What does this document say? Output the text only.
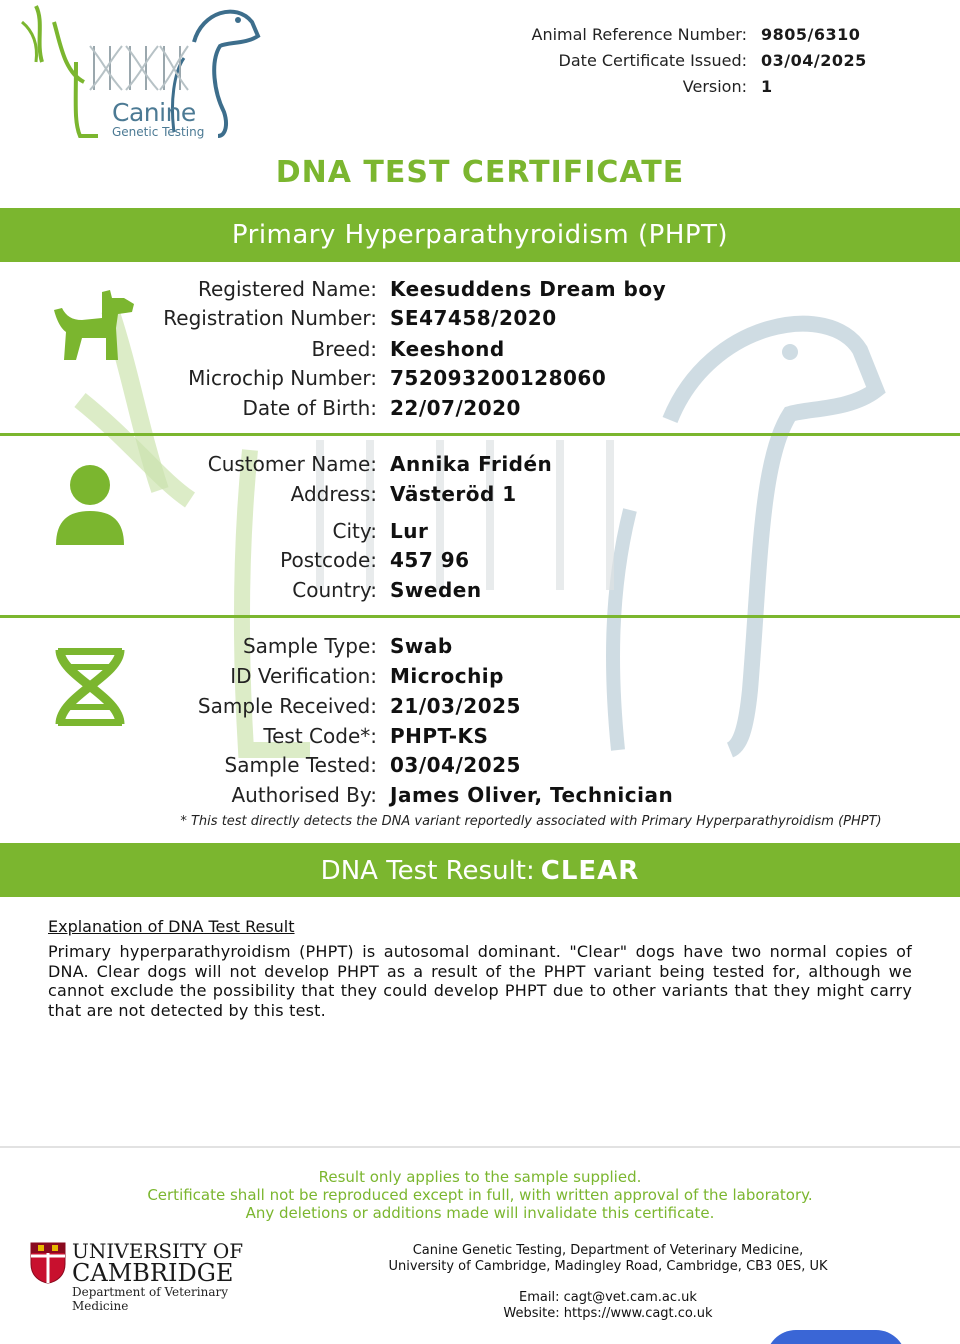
Canine
Genetic Testing
Animal Reference Number: 9805/6310
Date Certificate Issued: 03/04/2025
Version: 1
DNA TEST CERTIFICATE
Primary Hyperparathyroidism (PHPT)
Registered Name: Keesuddens Dream boy
Registration Number: SE47458/2020
Breed: Keeshond
Microchip Number: 752093200128060
Date of Birth: 22/07/2020
Customer Name: Annika Fridén
Address: Västeröd 1
City: Lur
Postcode: 457 96
Country: Sweden
Sample Type: Swab
ID Verification: Microchip
Sample Received: 21/03/2025
Test Code*: PHPT-KS
Sample Tested: 03/04/2025
Authorised By: James Oliver, Technician
* This test directly detects the DNA variant reportedly associated with Primary Hyperparathyroidism (PHPT)
DNA Test Result: CLEAR
Explanation of DNA Test Result
Primary hyperparathyroidism (PHPT) is autosomal dominant. "Clear" dogs have two normal copies of DNA. Clear dogs will not develop PHPT as a result of the PHPT variant being tested for, although we cannot exclude the possibility that they could develop PHPT due to other variants that they might carry that are not detected by this test.
Result only applies to the sample supplied.
Certificate shall not be reproduced except in full, with written approval of the laboratory.
Any deletions or additions made will invalidate this certificate.
UNIVERSITY OF
CAMBRIDGE
Department of Veterinary
Medicine
Canine Genetic Testing, Department of Veterinary Medicine,
University of Cambridge, Madingley Road, Cambridge, CB3 0ES, UK
Email: cagt@vet.cam.ac.uk
Website: https://www.cagt.co.uk
